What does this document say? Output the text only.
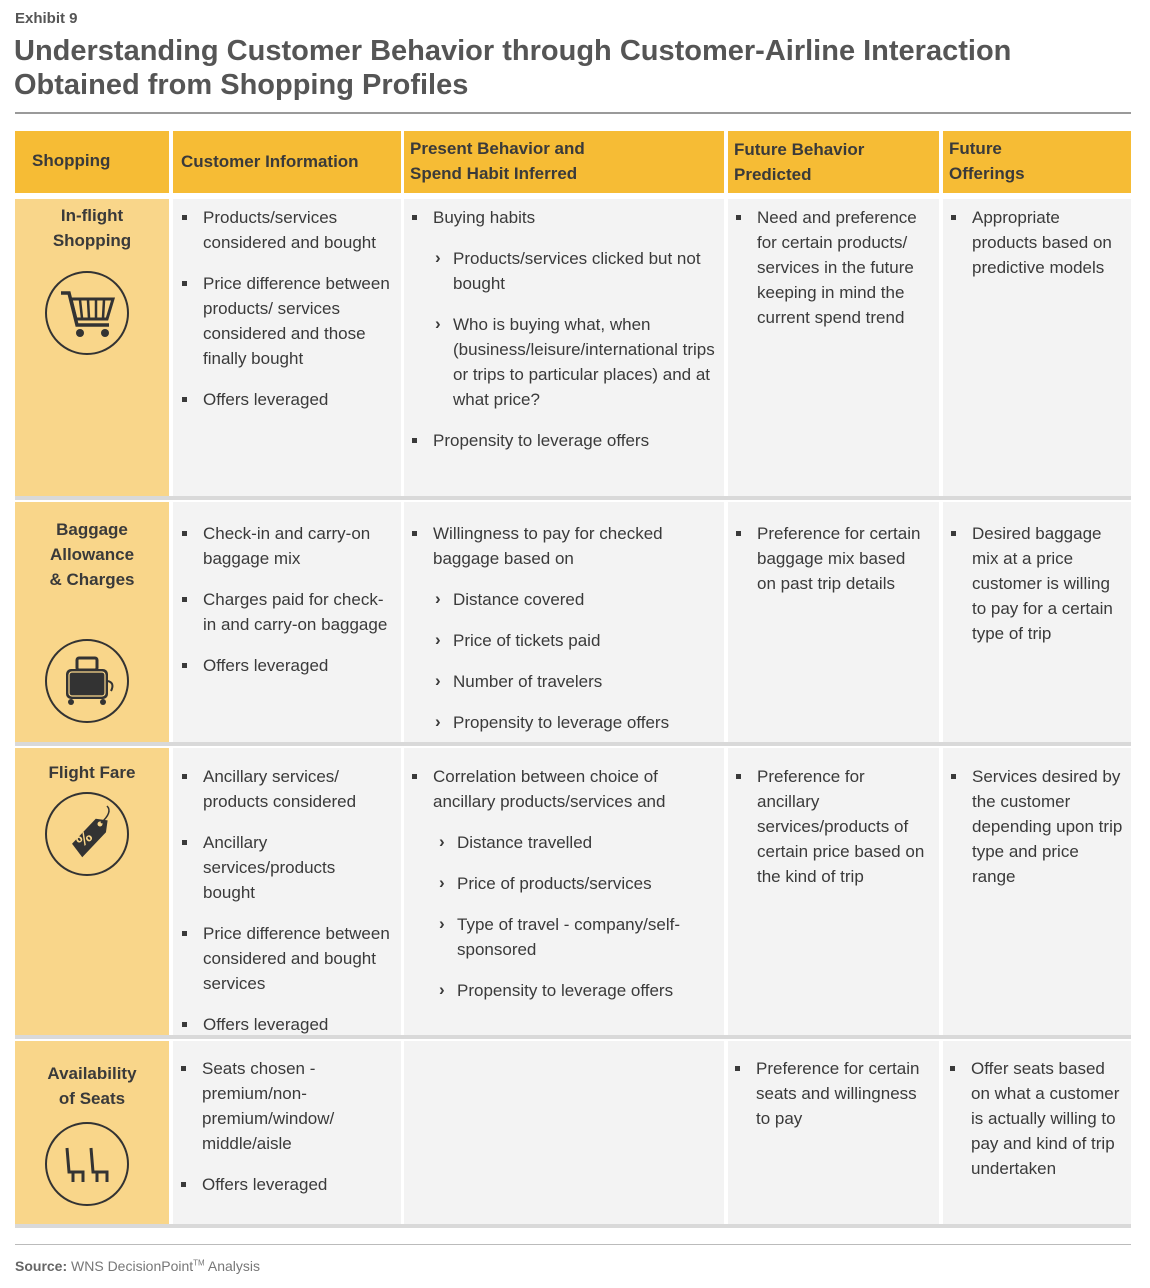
Exhibit 9
Understanding Customer Behavior through Customer-Airline Interaction
Obtained from Shopping Profiles
Shopping	Customer Information
Present Behavior and
Spend Habit Inferred
Future Behavior
Predicted
Future
Offerings
In-flight
Shopping
Products/services considered and bought
Price difference between products/ services considered and those finally bought
Offers leveraged
Buying habits
› Products/services clicked but not bought
› Who is buying what, when (business/leisure/international trips or trips to particular places) and at what price?
Propensity to leverage offers
Need and preference for certain products/ services in the future keeping in mind the current spend trend
Appropriate products based on predictive models
Baggage
Allowance
& Charges
Check-in and carry-on baggage mix
Charges paid for check-in and carry-on baggage
Offers leveraged
Willingness to pay for checked baggage based on
› Distance covered
› Price of tickets paid
› Number of travelers
› Propensity to leverage offers
Preference for certain baggage mix based on past trip details
Desired baggage mix at a price customer is willing to pay for a certain type of trip
Flight Fare
%
Ancillary services/ products considered
Ancillary services/products bought
Price difference between considered and bought services
Offers leveraged
Correlation between choice of ancillary products/services and
› Distance travelled
› Price of products/services
› Type of travel - company/self-sponsored
› Propensity to leverage offers
Preference for ancillary services/products of certain price based on the kind of trip
Services desired by the customer depending upon trip type and price range
Availability
of Seats
Seats chosen - premium/non-premium/window/ middle/aisle
Offers leveraged
Preference for certain seats and willingness to pay
Offer seats based on what a customer is actually willing to pay and kind of trip undertaken
Source: WNS DecisionPoint™ Analysis
